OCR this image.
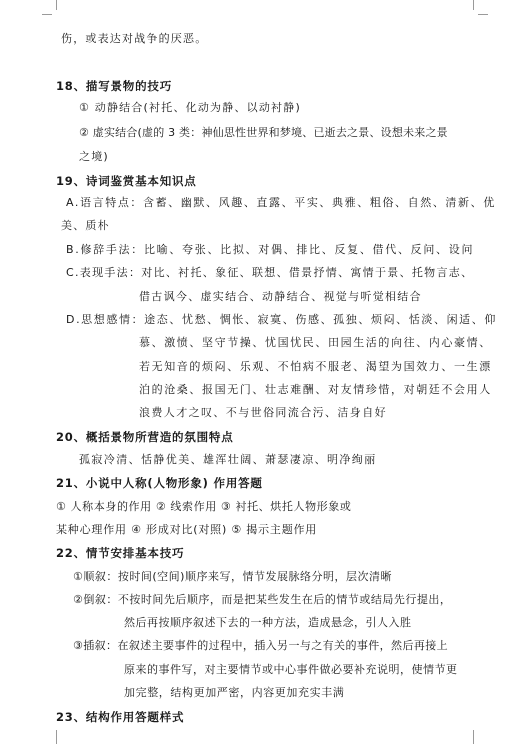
伤，或表达对战争的厌恶。
18、描写景物的技巧
① 动静结合(衬托、化动为静、以动衬静)
② 虚实结合(虚的 3 类：神仙思性世界和梦境、已逝去之景、设想未来之景
之境)
19、诗词鉴赏基本知识点
A.语言特点：含蓄、幽默、风趣、直露、平实、典雅、粗俗、自然、清新、优
美、质朴
B.修辞手法：比喻、夸张、比拟、对偶、排比、反复、借代、反问、设问
C.表现手法：对比、衬托、象征、联想、借景抒情、寓情于景、托物言志、
借古讽今、虚实结合、动静结合、视觉与听觉相结合
D.思想感情：途态、忧愁、惆怅、寂寞、伤感、孤独、烦闷、恬淡、闲适、仰
慕、激愤、坚守节操、忧国忧民、田园生活的向往、内心豪情、
若无知音的烦闷、乐观、不怕病不服老、渴望为国效力、一生漂
泊的沧桑、报国无门、壮志难酬、对友情珍惜，对朝廷不会用人
浪费人才之叹、不与世俗同流合污、洁身自好
20、概括景物所营造的氛围特点
孤寂冷清、恬静优美、雄浑壮阔、萧瑟凄凉、明净绚丽
21、小说中人称(人物形象) 作用答题
① 人称本身的作用 ② 线索作用 ③ 衬托、烘托人物形象或
某种心理作用 ④ 形成对比(对照) ⑤ 揭示主题作用
22、情节安排基本技巧
①顺叙：按时间(空间)顺序来写，情节发展脉络分明，层次清晰
②倒叙：不按时间先后顺序，而是把某些发生在后的情节或结局先行提出，
然后再按顺序叙述下去的一种方法，造成悬念，引人入胜
③插叙：在叙述主要事件的过程中，插入另一与之有关的事件，然后再接上
原来的事件写，对主要情节或中心事件做必要补充说明，使情节更
加完整，结构更加严密，内容更加充实丰满
23、结构作用答题样式
